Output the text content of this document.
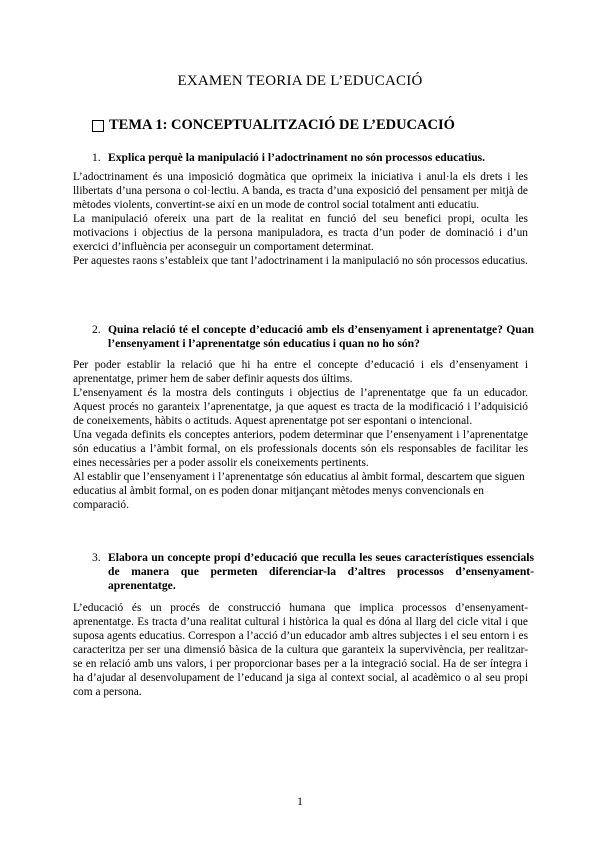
EXAMEN TEORIA DE L’EDUCACIÓ
TEMA 1: CONCEPTUALITZACIÓ DE L’EDUCACIÓ
1. Explica perquè la manipulació i l’adoctrinament no són processos educatius.

L’adoctrinament és una imposició dogmàtica que oprimeix la iniciativa i anul·la els drets i les llibertats d’una persona o col·lectiu. A banda, es tracta d’una exposició del pensament per mitjà de mètodes violents, convertint-se així en un mode de control social totalment anti educatiu.

La manipulació ofereix una part de la realitat en funció del seu benefici propi, oculta les motivacions i objectius de la persona manipuladora, es tracta d’un poder de dominació i d’un exercici d’influència per aconseguir un comportament determinat.

Per aquestes raons s’estableix que tant l’adoctrinament i la manipulació no són processos educatius.

2. Quina relació té el concepte d’educació amb els d’ensenyament i aprenentatge? Quan l’ensenyament i l’aprenentatge són educatius i quan no ho són?

Per poder establir la relació que hi ha entre el concepte d’educació i els d’ensenyament i aprenentatge, primer hem de saber definir aquests dos últims.

L’ensenyament és la mostra dels continguts i objectius de l’aprenentatge que fa un educador. Aquest procés no garanteix l’aprenentatge, ja que aquest es tracta de la modificació i l’adquisició de coneixements, hàbits o actituds. Aquest aprenentatge pot ser espontani o intencional.

Una vegada definits els conceptes anteriors, podem determinar que l’ensenyament i l’aprenentatge són educatius a l’àmbit formal, on els professionals docents són els responsables de facilitar les eines necessàries per a poder assolir els coneixements pertinents.

Al establir que l’ensenyament i l’aprenentatge són educatius al àmbit formal, descartem que siguen educatius al àmbit formal, on es poden donar mitjançant mètodes menys convencionals en comparació.

3. Elabora un concepte propi d’educació que reculla les seues característiques essencials de manera que permeten diferenciar-la d’altres processos d’ensenyament-aprenentatge.

L’educació és un procés de construcció humana que implica processos d’ensenyament-aprenentatge. Es tracta d’una realitat cultural i històrica la qual es dóna al llarg del cicle vital i que suposa agents educatius. Correspon a l’acció d’un educador amb altres subjectes i el seu entorn i es caracteritza per ser una dimensió bàsica de la cultura que garanteix la supervivència, per realitzar-se en relació amb uns valors, i per proporcionar bases per a la integració social. Ha de ser íntegra i ha d’ajudar al desenvolupament de l’educand ja siga al context social, al acadèmico o al seu propi com a persona.

1
